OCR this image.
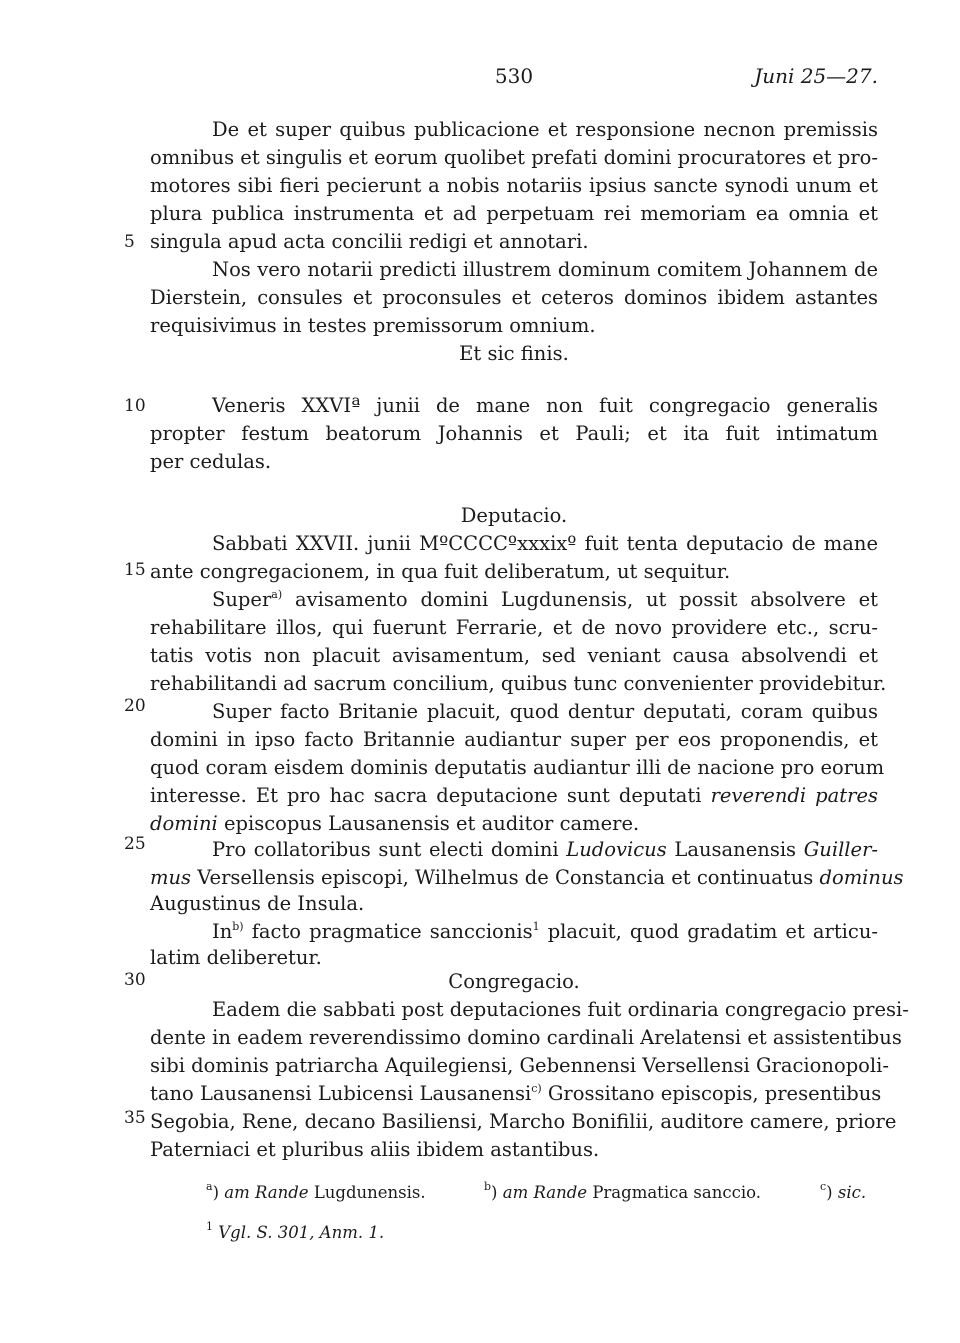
530	Juni 25—27.
5
10
15
20
25
30
35
De et super quibus publicacione et responsione necnon premissis
omnibus et singulis et eorum quolibet prefati domini procuratores et pro-
motores sibi fieri pecierunt a nobis notariis ipsius sancte synodi unum et
plura publica instrumenta et ad perpetuam rei memoriam ea omnia et
singula apud acta concilii redigi et annotari.
Nos vero notarii predicti illustrem dominum comitem Johannem de
Dierstein, consules et proconsules et ceteros dominos ibidem astantes
requisivimus in testes premissorum omnium.
Et sic finis.
Veneris XXVIª junii de mane non fuit congregacio generalis
propter festum beatorum Johannis et Pauli; et ita fuit intimatum
per cedulas.
Deputacio.
Sabbati XXVII. junii MºCCCCºxxxixº fuit tenta deputacio de mane
ante congregacionem, in qua fuit deliberatum, ut sequitur.
Super$^{a)}$ avisamento domini Lugdunensis, ut possit absolvere et
rehabilitare illos, qui fuerunt Ferrarie, et de novo providere etc., scru-
tatis votis non placuit avisamentum, sed veniant causa absolvendi et
rehabilitandi ad sacrum concilium, quibus tunc convenienter providebitur.
Super facto Britanie placuit, quod dentur deputati, coram quibus
domini in ipso facto Britannie audiantur super per eos proponendis, et
quod coram eisdem dominis deputatis audiantur illi de nacione pro eorum
interesse. Et pro hac sacra deputacione sunt deputati reverendi patres
domini episcopus Lausanensis et auditor camere.
Pro collatoribus sunt electi domini Ludovicus Lausanensis Guiller-
mus Versellensis episcopi, Wilhelmus de Constancia et continuatus dominus
Augustinus de Insula.
In$^{b)}$ facto pragmatice sanccionis$^1$ placuit, quod gradatim et articu-
latim deliberetur.
Congregacio.
Eadem die sabbati post deputaciones fuit ordinaria congregacio presi-
dente in eadem reverendissimo domino cardinali Arelatensi et assistentibus
sibi dominis patriarcha Aquilegiensi, Gebennensi Versellensi Gracionopoli-
tano Lausanensi Lubicensi Lausanensi$^{c)}$ Grossitano episcopis, presentibus
Segobia, Rene, decano Basiliensi, Marcho Bonifilii, auditore camere, priore
Paterniaci et pluribus aliis ibidem astantibus.
$^a$) am Rande Lugdunensis.	$^b$) am Rande Pragmatica sanccio.	$^c$) sic.
$^1$ Vgl. S. 301, Anm. 1.
